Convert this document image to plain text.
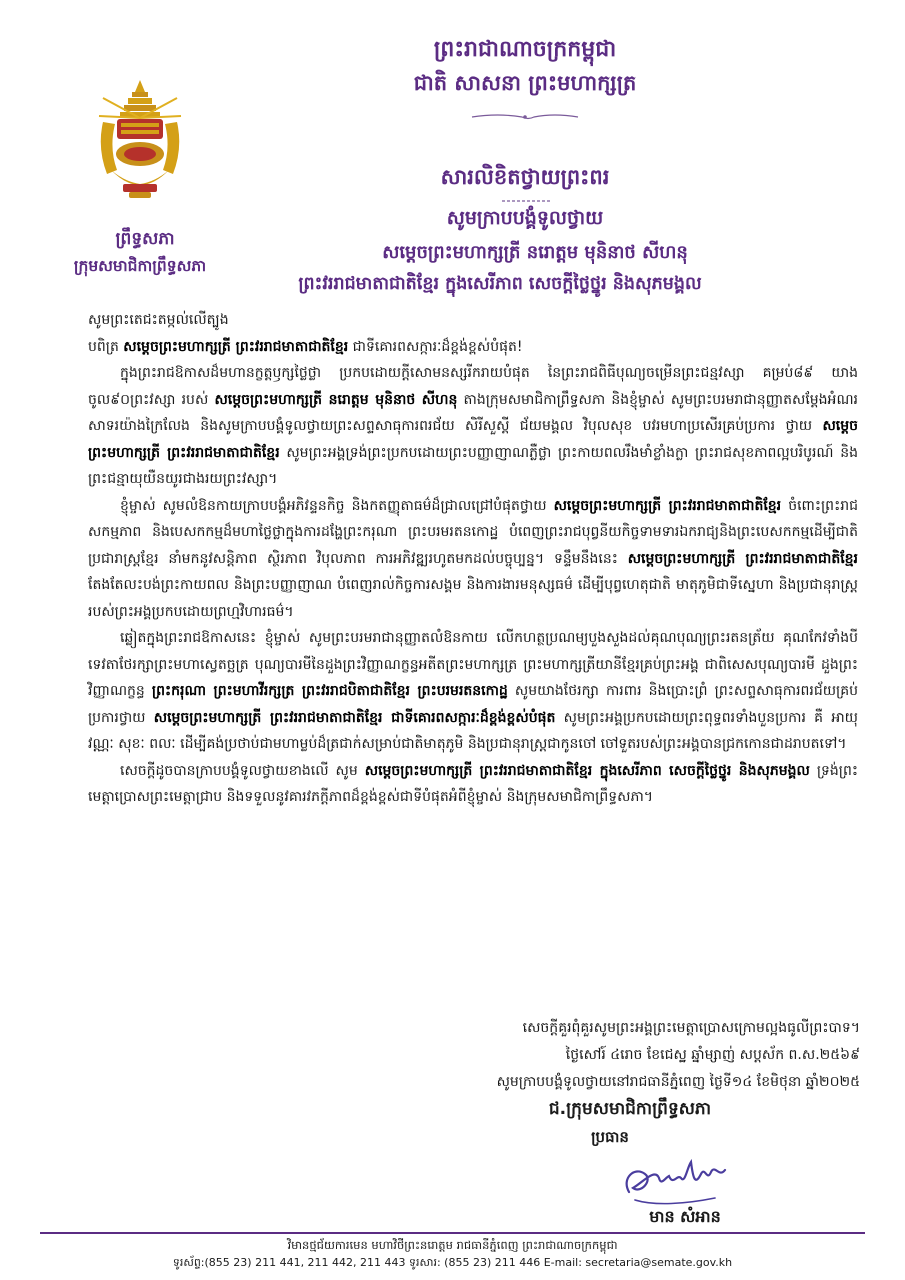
ព្រះរាជាណាចក្រកម្ពុជា
ជាតិ សាសនា ព្រះមហាក្សត្រ
ព្រឹទ្ធសភា
ក្រុមសមាជិកាព្រឹទ្ធសភា
សារលិខិតថ្វាយព្រះពរ
សូមក្រាបបង្គំទូលថ្វាយ
សម្ដេចព្រះមហាក្សត្រី នរោត្តម មុនិនាថ សីហនុ
ព្រះវររាជមាតាជាតិខ្មែរ ក្នុងសេរីភាព សេចក្ដីថ្លៃថ្នូរ និងសុភមង្គល

សូមព្រះតេជះតម្កល់លើត្បូង

បពិត្រ សម្ដេចព្រះមហាក្សត្រី ព្រះវររាជមាតាជាតិខ្មែរ ជាទីគោរពសក្ការៈដ៏ខ្ពង់ខ្ពស់បំផុត!

ក្នុងព្រះរាជឱកាសដ៏មហានក្ខត្តឫក្សថ្លៃថ្លា ប្រកបដោយក្ដីសោមនស្សរីករាយបំផុត នៃព្រះរាជពិធីបុណ្យចម្រើនព្រះជន្មវស្សា គម្រប់៨៩ យាងចូល៩០ព្រះវស្សា របស់ សម្ដេចព្រះមហាក្សត្រី នរោត្តម មុនិនាថ សីហនុ តាងក្រុមសមាជិកាព្រឹទ្ធសភា និងខ្ញុំម្ចាស់ សូមព្រះបរមរាជានុញ្ញាតសម្ដែងអំណរសាទរយ៉ាងក្រៃលែង និងសូមក្រាបបង្គំទូលថ្វាយព្រះសព្ទសាធុការពរជ័យ សិរីសួស្ដី ជ័យមង្គល វិបុលសុខ បវរមហាប្រសើរគ្រប់ប្រការ ថ្វាយ សម្ដេចព្រះមហាក្សត្រី ព្រះវររាជមាតាជាតិខ្មែរ សូមព្រះអង្គទ្រង់ព្រះប្រកបដោយព្រះបញ្ញាញាណភ្លឺថ្លា ព្រះកាយពលរឹងមាំខ្លាំងក្លា ព្រះរាជសុខភាពល្អបរិបូរណ៍ និងព្រះជន្មាយុយឺនយូរជាងរយព្រះវស្សា។

ខ្ញុំម្ចាស់ សូមលំឱនកាយក្រាបបង្គំអភិវន្ទនកិច្ច និងកតញ្ញុតាធម៌ដ៏ជ្រាលជ្រៅបំផុតថ្វាយ សម្ដេចព្រះមហាក្សត្រី ព្រះវររាជមាតាជាតិខ្មែរ ចំពោះព្រះរាជសកម្មភាព និងបេសកកម្មដ៏មហាថ្លៃថ្លាក្នុងការដង្ហែព្រះករុណា ព្រះបរមរតនកោដ្ឋ បំពេញព្រះរាជបុព្វនីយកិច្ចទាមទារឯករាជ្យនិងព្រះបេសកកម្មដើម្បីជាតិ ប្រជារាស្ត្រខ្មែរ នាំមកនូវសន្តិភាព ស្ថិរភាព វិបុលភាព ការអភិវឌ្ឍរហូតមកដល់បច្ចុប្បន្ន។ ទន្ទឹមនឹងនេះ សម្ដេចព្រះមហាក្សត្រី ព្រះវររាជមាតាជាតិខ្មែរ តែងតែលះបង់ព្រះកាយពល និងព្រះបញ្ញាញាណ បំពេញរាល់កិច្ចការសង្គម និងការងារមនុស្សធម៌ ដើម្បីបុព្វហេតុជាតិ មាតុភូមិជាទីស្នេហា និងប្រជានុរាស្ត្ររបស់ព្រះអង្គប្រកបដោយព្រហ្មវិហារធម៌។

ឆ្លៀតក្នុងព្រះរាជឱកាសនេះ ខ្ញុំម្ចាស់ សូមព្រះបរមរាជានុញ្ញាតលំឱនកាយ លើកហត្ថប្រណម្យបួងសួងដល់គុណបុណ្យព្រះរតនត្រ័យ គុណកែវទាំងបី ទេវតាថែរក្សាព្រះមហាស្វេតច្ឆត្រ បុណ្យបារមីនៃដួងព្រះវិញ្ញាណក្ខន្ធអតីតព្រះមហាក្សត្រ ព្រះមហាក្សត្រីយានីខ្មែរគ្រប់ព្រះអង្គ ជាពិសេសបុណ្យបារមី ដួងព្រះវិញ្ញាណក្ខន្ធ ព្រះករុណា ព្រះមហាវីរក្សត្រ ព្រះវររាជបិតាជាតិខ្មែរ ព្រះបរមរតនកោដ្ឋ សូមយាងថែរក្សា ការពារ និងប្រោះព្រំ ព្រះសព្ទសាធុការពរជ័យគ្រប់ប្រការថ្វាយ សម្ដេចព្រះមហាក្សត្រី ព្រះវររាជមាតាជាតិខ្មែរ ជាទីគោរពសក្ការៈដ៏ខ្ពង់ខ្ពស់បំផុត សូមព្រះអង្គប្រកបដោយព្រះពុទ្ធពរទាំងបួនប្រការ គឺ អាយុ វណ្ណៈ សុខៈ ពលៈ ដើម្បីគង់ប្រថាប់ជាមហាម្លប់ដ៏ត្រជាក់សម្រាប់ជាតិមាតុភូមិ និងប្រជានុរាស្ត្រជាកូនចៅ ចៅទួតរបស់ព្រះអង្គបានជ្រកកោនជាដរាបតទៅ។

សេចក្ដីដូចបានក្រាបបង្គំទូលថ្វាយខាងលើ សូម សម្ដេចព្រះមហាក្សត្រី ព្រះវររាជមាតាជាតិខ្មែរ ក្នុងសេរីភាព សេចក្ដីថ្លៃថ្នូរ និងសុភមង្គល ទ្រង់ព្រះមេត្តាប្រោសព្រះមេត្តាជ្រាប និងទទួលនូវគារវភក្ដីភាពដ៏ខ្ពង់ខ្ពស់ជាទីបំផុតអំពីខ្ញុំម្ចាស់ និងក្រុមសមាជិកាព្រឹទ្ធសភា។

សេចក្ដីគួរពុំគួរសូមព្រះអង្គព្រះមេត្តាប្រោសក្រោមល្អងធូលីព្រះបាទ។

ថ្ងៃសៅរ៍ ៤រោច ខែជេស្ឋ ឆ្នាំម្សាញ់ សប្តស័ក ព.ស.២៥៦៩

សូមក្រាបបង្គំទូលថ្វាយនៅរាជធានីភ្នំពេញ ថ្ងៃទី១៤ ខែមិថុនា ឆ្នាំ២០២៥

ជ.ក្រុមសមាជិកាព្រឹទ្ធសភា
ប្រធាន
មាន សំអាន
វិមានថ្មជ័យការមេន មហាវិថីព្រះនរោត្តម រាជធានីភ្នំពេញ ព្រះរាជាណាចក្រកម្ពុជា
ទូរស័ព្ទ:(855 23) 211 441, 211 442, 211 443 ទូរសារ: (855 23) 211 446 E-mail: secretaria@semate.gov.kh
